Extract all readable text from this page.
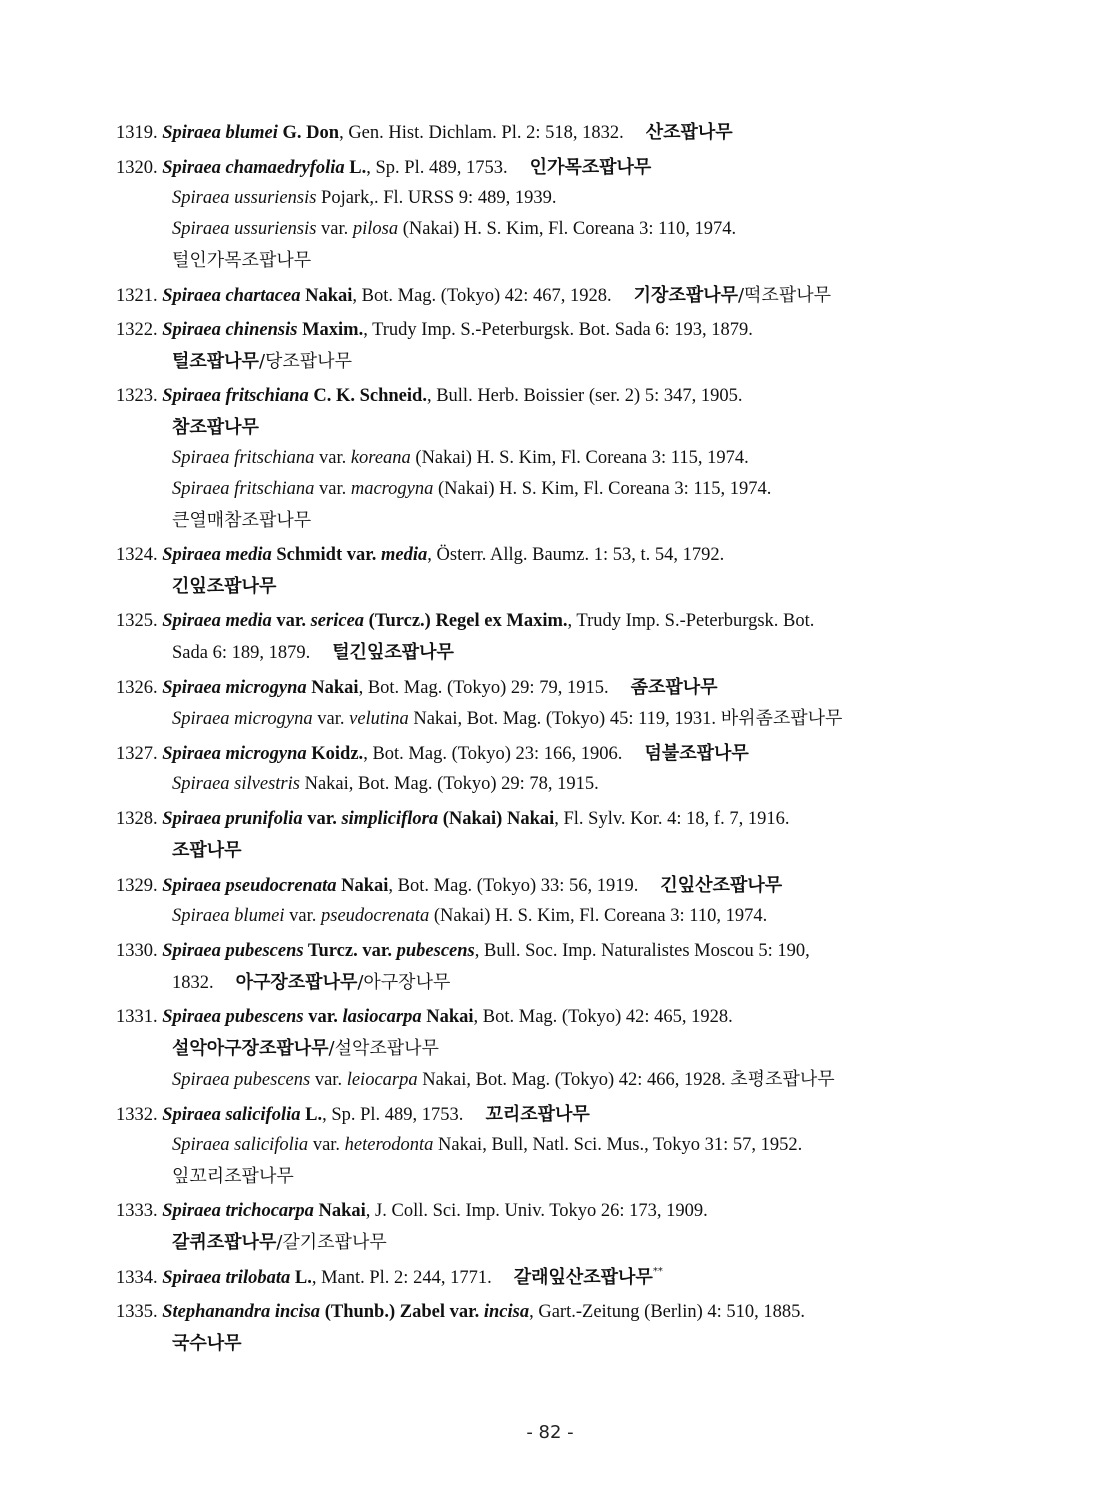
1319. Spiraea blumei G. Don, Gen. Hist. Dichlam. Pl. 2: 518, 1832. 산조팝나무
1320. Spiraea chamaedryfolia L., Sp. Pl. 489, 1753. 인가목조팝나무
Spiraea ussuriensis Pojark,. Fl. URSS 9: 489, 1939.
Spiraea ussuriensis var. pilosa (Nakai) H. S. Kim, Fl. Coreana 3: 110, 1974.
털인가목조팝나무
1321. Spiraea chartacea Nakai, Bot. Mag. (Tokyo) 42: 467, 1928. 기장조팝나무/떡조팝나무
1322. Spiraea chinensis Maxim., Trudy Imp. S.-Peterburgsk. Bot. Sada 6: 193, 1879.
털조팝나무/당조팝나무
1323. Spiraea fritschiana C. K. Schneid., Bull. Herb. Boissier (ser. 2) 5: 347, 1905.
참조팝나무
Spiraea fritschiana var. koreana (Nakai) H. S. Kim, Fl. Coreana 3: 115, 1974.
Spiraea fritschiana var. macrogyna (Nakai) H. S. Kim, Fl. Coreana 3: 115, 1974.
큰열매참조팝나무
1324. Spiraea media Schmidt var. media, Österr. Allg. Baumz. 1: 53, t. 54, 1792.
긴잎조팝나무
1325. Spiraea media var. sericea (Turcz.) Regel ex Maxim., Trudy Imp. S.-Peterburgsk. Bot.
Sada 6: 189, 1879. 털긴잎조팝나무
1326. Spiraea microgyna Nakai, Bot. Mag. (Tokyo) 29: 79, 1915. 좀조팝나무
Spiraea microgyna var. velutina Nakai, Bot. Mag. (Tokyo) 45: 119, 1931. 바위좀조팝나무
1327. Spiraea microgyna Koidz., Bot. Mag. (Tokyo) 23: 166, 1906. 덤불조팝나무
Spiraea silvestris Nakai, Bot. Mag. (Tokyo) 29: 78, 1915.
1328. Spiraea prunifolia var. simpliciflora (Nakai) Nakai, Fl. Sylv. Kor. 4: 18, f. 7, 1916.
조팝나무
1329. Spiraea pseudocrenata Nakai, Bot. Mag. (Tokyo) 33: 56, 1919. 긴잎산조팝나무
Spiraea blumei var. pseudocrenata (Nakai) H. S. Kim, Fl. Coreana 3: 110, 1974.
1330. Spiraea pubescens Turcz. var. pubescens, Bull. Soc. Imp. Naturalistes Moscou 5: 190,
1832. 아구장조팝나무/아구장나무
1331. Spiraea pubescens var. lasiocarpa Nakai, Bot. Mag. (Tokyo) 42: 465, 1928.
설악아구장조팝나무/설악조팝나무
Spiraea pubescens var. leiocarpa Nakai, Bot. Mag. (Tokyo) 42: 466, 1928. 초평조팝나무
1332. Spiraea salicifolia L., Sp. Pl. 489, 1753. 꼬리조팝나무
Spiraea salicifolia var. heterodonta Nakai, Bull, Natl. Sci. Mus., Tokyo 31: 57, 1952.
잎꼬리조팝나무
1333. Spiraea trichocarpa Nakai, J. Coll. Sci. Imp. Univ. Tokyo 26: 173, 1909.
갈퀴조팝나무/갈기조팝나무
1334. Spiraea trilobata L., Mant. Pl. 2: 244, 1771. 갈래잎산조팝나무**
1335. Stephanandra incisa (Thunb.) Zabel var. incisa, Gart.-Zeitung (Berlin) 4: 510, 1885.
국수나무
- 82 -
